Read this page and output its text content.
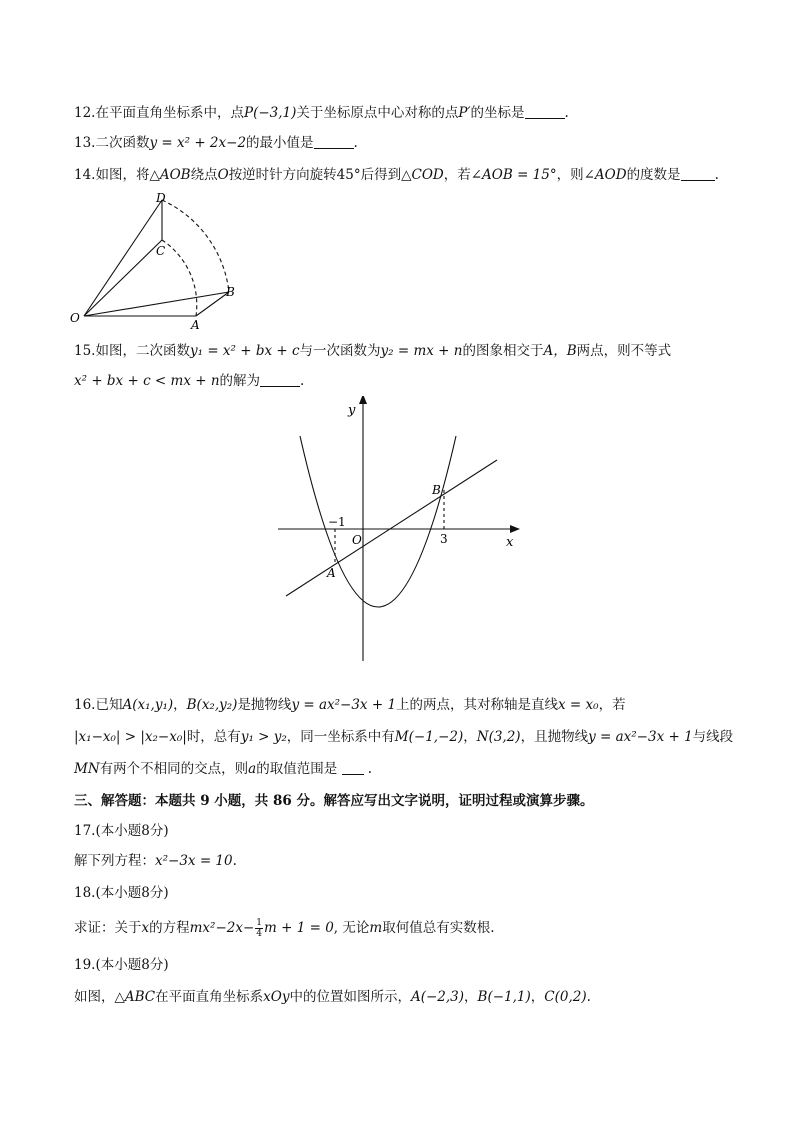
12.在平面直角坐标系中，点P(−3,1)关于坐标原点中心对称的点P′的坐标是	.
13.二次函数y = x² + 2x−2的最小值是	.
14.如图，将△AOB绕点O按逆时针方向旋转45°后得到△COD，若∠AOB = 15°，则∠AOD的度数是	.
D
C
B
O	A
15.如图，二次函数y₁ = x² + bx + c与一次函数为y₂ = mx + n的图象相交于A，B两点，则不等式
x² + bx + c < mx + n的解为	.
y
x
O
B
A
−1
3
16.已知A(x₁,y₁)，B(x₂,y₂)是抛物线y = ax²−3x + 1上的两点，其对称轴是直线x = x₀，若
|x₁−x₀| > |x₂−x₀|时，总有y₁ > y₂，同一坐标系中有M(−1,−2)，N(3,2)，且抛物线y = ax²−3x + 1与线段
MN有两个不相同的交点，则a的取值范围是 .
三、解答题：本题共 9 小题，共 86 分。解答应写出文字说明，证明过程或演算步骤。
17.(本小题8分)
解下列方程：x²−3x = 10.
18.(本小题8分)
求证：关于x的方程$mx^2-2x- \frac{1}{4}$ m + 1 = 0, 无论m取何值总有实数根.
19.(本小题8分)
如图，△ABC在平面直角坐标系xOy中的位置如图所示，A(−2,3)，B(−1,1)，C(0,2).
